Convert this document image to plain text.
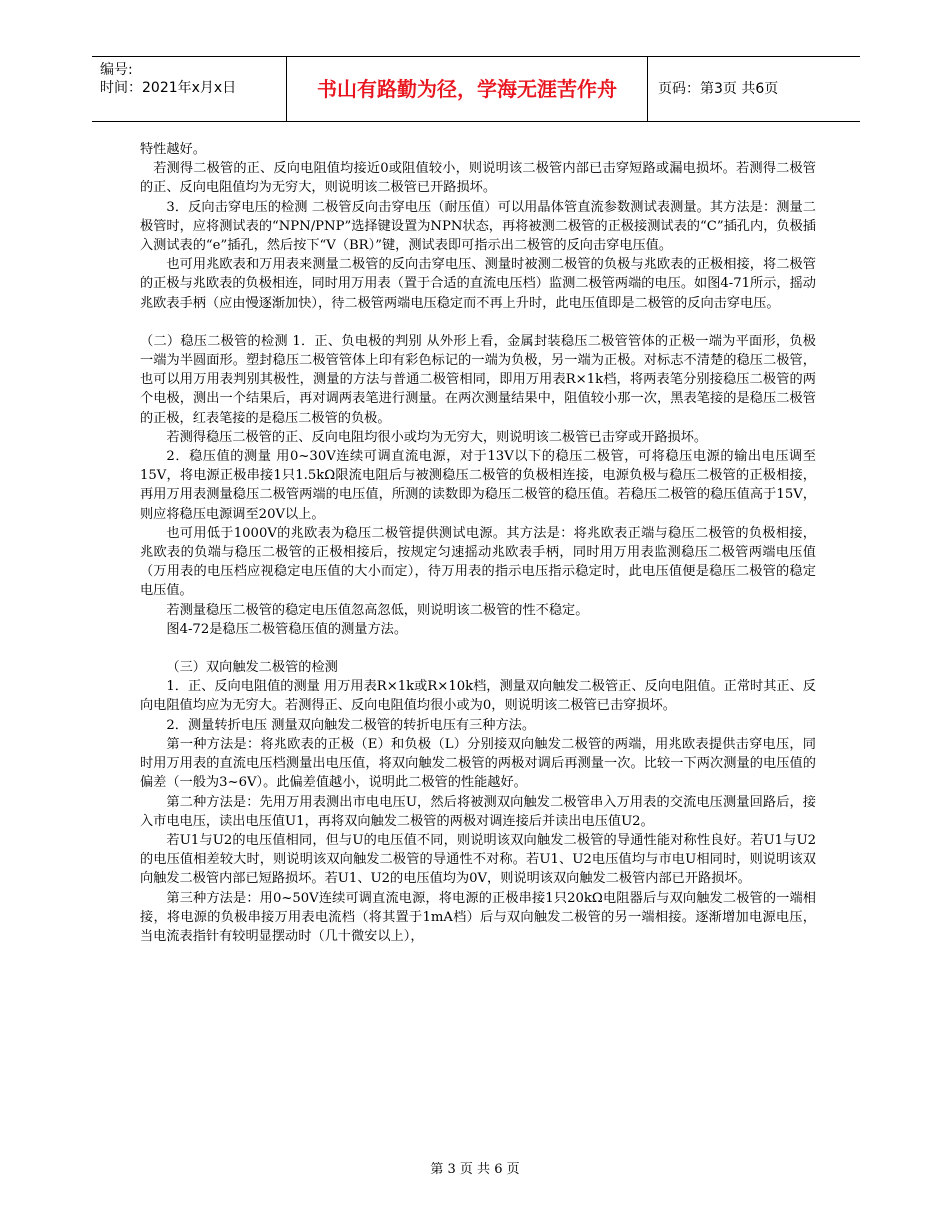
编号:
时间：2021年x月x日	书山有路勤为径，学海无涯苦作舟	页码：第3页 共6页

特性越好。

若测得二极管的正、反向电阻值均接近0或阻值较小，则说明该二极管内部已击穿短路或漏电损坏。若测得二极管的正、反向电阻值均为无穷大，则说明该二极管已开路损坏。

3．反向击穿电压的检测 二极管反向击穿电压（耐压值）可以用晶体管直流参数测试表测量。其方法是：测量二极管时，应将测试表的“NPN/PNP”选择键设置为NPN状态，再将被测二极管的正极接测试表的“C”插孔内，负极插入测试表的“e”插孔，然后按下“V（BR）”键，测试表即可指示出二极管的反向击穿电压值。

也可用兆欧表和万用表来测量二极管的反向击穿电压、测量时被测二极管的负极与兆欧表的正极相接，将二极管的正极与兆欧表的负极相连，同时用万用表（置于合适的直流电压档）监测二极管两端的电压。如图4-71所示，摇动兆欧表手柄（应由慢逐渐加快），待二极管两端电压稳定而不再上升时，此电压值即是二极管的反向击穿电压。

（二）稳压二极管的检测 1．正、负电极的判别 从外形上看，金属封装稳压二极管管体的正极一端为平面形，负极一端为半圆面形。塑封稳压二极管管体上印有彩色标记的一端为负极，另一端为正极。对标志不清楚的稳压二极管，也可以用万用表判别其极性，测量的方法与普通二极管相同，即用万用表R×1k档，将两表笔分别接稳压二极管的两个电极，测出一个结果后，再对调两表笔进行测量。在两次测量结果中，阻值较小那一次，黑表笔接的是稳压二极管的正极，红表笔接的是稳压二极管的负极。

若测得稳压二极管的正、反向电阻均很小或均为无穷大，则说明该二极管已击穿或开路损坏。

2．稳压值的测量 用0~30V连续可调直流电源，对于13V以下的稳压二极管，可将稳压电源的输出电压调至15V，将电源正极串接1只1.5kΩ限流电阻后与被测稳压二极管的负极相连接，电源负极与稳压二极管的正极相接，再用万用表测量稳压二极管两端的电压值，所测的读数即为稳压二极管的稳压值。若稳压二极管的稳压值高于15V，则应将稳压电源调至20V以上。

也可用低于1000V的兆欧表为稳压二极管提供测试电源。其方法是：将兆欧表正端与稳压二极管的负极相接，兆欧表的负端与稳压二极管的正极相接后，按规定匀速摇动兆欧表手柄，同时用万用表监测稳压二极管两端电压值（万用表的电压档应视稳定电压值的大小而定），待万用表的指示电压指示稳定时，此电压值便是稳压二极管的稳定电压值。

若测量稳压二极管的稳定电压值忽高忽低，则说明该二极管的性不稳定。

图4-72是稳压二极管稳压值的测量方法。

（三）双向触发二极管的检测

1．正、反向电阻值的测量 用万用表R×1k或R×10k档，测量双向触发二极管正、反向电阻值。正常时其正、反向电阻值均应为无穷大。若测得正、反向电阻值均很小或为0，则说明该二极管已击穿损坏。

2．测量转折电压 测量双向触发二极管的转折电压有三种方法。

第一种方法是：将兆欧表的正极（E）和负极（L）分别接双向触发二极管的两端，用兆欧表提供击穿电压，同时用万用表的直流电压档测量出电压值，将双向触发二极管的两极对调后再测量一次。比较一下两次测量的电压值的偏差（一般为3~6V）。此偏差值越小，说明此二极管的性能越好。

第二种方法是：先用万用表测出市电电压U，然后将被测双向触发二极管串入万用表的交流电压测量回路后，接入市电电压，读出电压值U1，再将双向触发二极管的两极对调连接后并读出电压值U2。

若U1与U2的电压值相同，但与U的电压值不同，则说明该双向触发二极管的导通性能对称性良好。若U1与U2的电压值相差较大时，则说明该双向触发二极管的导通性不对称。若U1、U2电压值均与市电U相同时，则说明该双向触发二极管内部已短路损坏。若U1、U2的电压值均为0V，则说明该双向触发二极管内部已开路损坏。

第三种方法是：用0~50V连续可调直流电源，将电源的正极串接1只20kΩ电阻器后与双向触发二极管的一端相接，将电源的负极串接万用表电流档（将其置于1mA档）后与双向触发二极管的另一端相接。逐渐增加电源电压，当电流表指针有较明显摆动时（几十微安以上），

第 3 页 共 6 页
